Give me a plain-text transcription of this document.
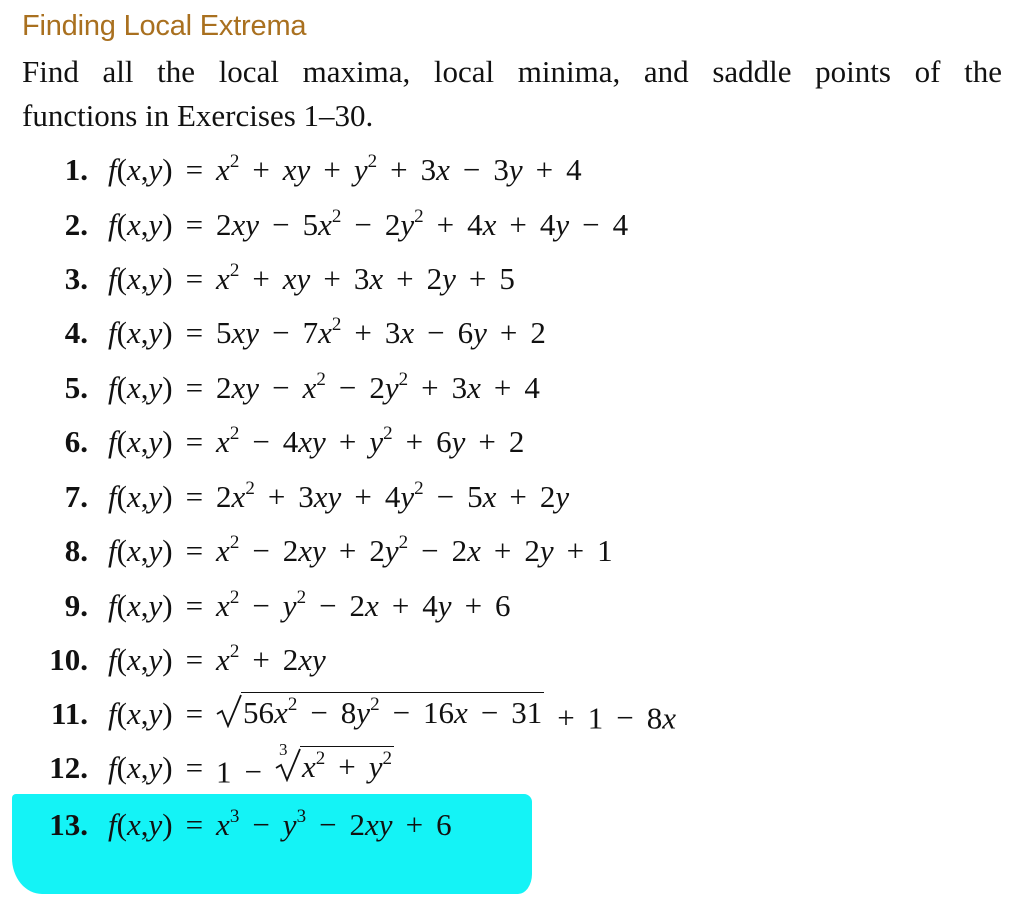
Finding Local Extrema
Find all the local maxima, local minima, and saddle points of the
functions in Exercises 1–30.
1. $f(x,y) = x^2$ + xy + $y^2 + 3x - 3y + 4$
2. $f(x,y) = 2xy - 5x^2 - 2y^2 + 4x + 4y - 4$
3. $f(x,y) = x^2$ + xy + 3x + 2y + 5
4. $f(x,y) = 5xy - 7x^2 + 3x - 6y + 2$
5. $f(x,y) = 2xy - x^2 - 2y^2 + 3x + 4$
6. $f(x,y) = x^2 - 4xy + y^2 + 6y + 2$
7. $f(x,y) = 2x^2 + 3xy + 4y^2 - 5x + 2y$
8. $f(x,y) = x^2 - 2xy + 2y^2 - 2x + 2y + 1$
9. $f(x,y) = x^2 - y^2 - 2x + 4y + 6$
10. $f(x,y) = x^2 + 2xy$
11. $f(x,y) = 56x^2 - 8y^2 - 16x - 31 + 1 - 8x$
12. f(x,y) = 1 −
3 $x^2 + y^2$
13. $f(x,y) = x^3 - y^3 - 2xy + 6$
